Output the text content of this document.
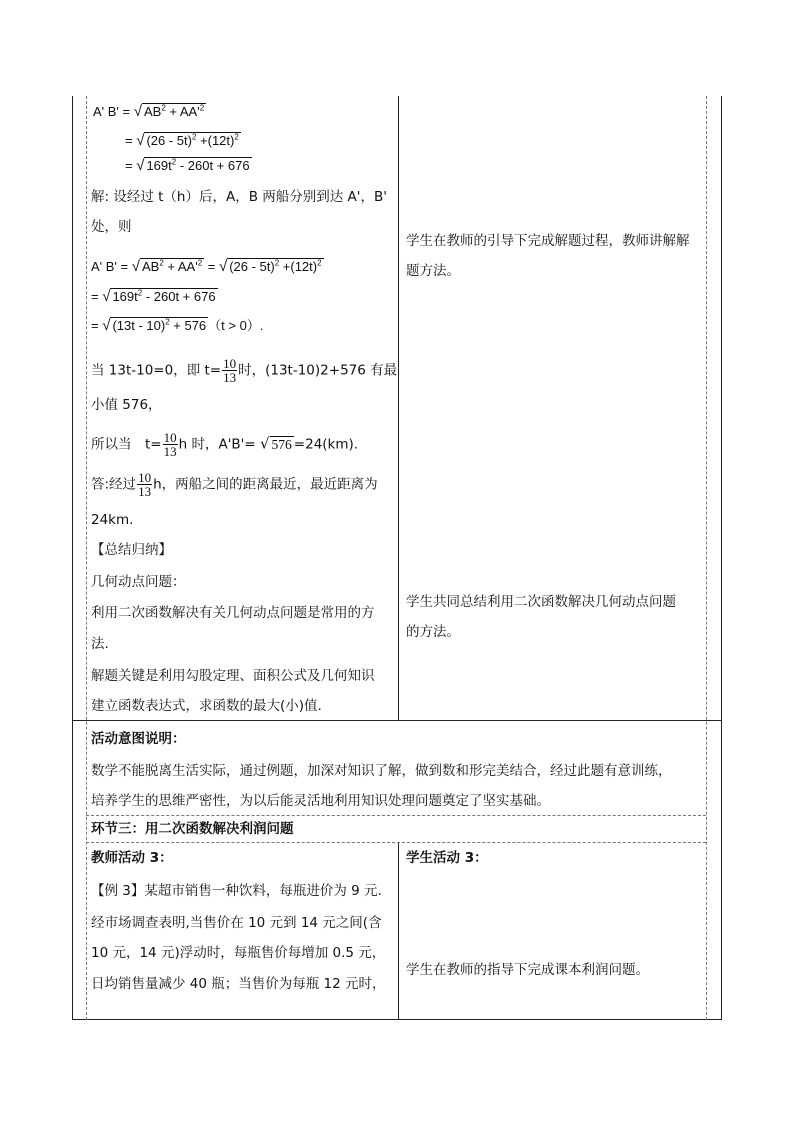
A' B' = √ $AB^2 + AA'^2$
= √ $(26 - 5t)^2 +(12t)^2$
= √ $169t^2 - 260t + 676$
解: 设经过 t（h）后，A，B 两船分别到达 A'，B'
处，则
A' B' = √ $AB^2 + AA'^2$ = √ $(26 - 5t)^2 +(12t)^2$
= √ $169t^2 - 260t + 676$
= √ (13t - 10)$^2$ + 576 （t > 0）.
当 13t-10=0，即 $t= \frac{10}{13}$ 时，(13t-10)2+576 有最
小值 576，
所以当　$t= \frac{10}{13}$ h 时，A'B'= √ 576 =24(km).
答:经过 $\frac{10}{13}$ h，两船之间的距离最近，最近距离为
24km.
【总结归纳】
几何动点问题：
利用二次函数解决有关几何动点问题是常用的方
法.
解题关键是利用勾股定理、面积公式及几何知识
建立函数表达式，求函数的最大(小)值.
学生在教师的引导下完成解题过程，教师讲解解
题方法。
学生共同总结利用二次函数解决几何动点问题
的方法。
活动意图说明：
数学不能脱离生活实际，通过例题，加深对知识了解，做到数和形完美结合，经过此题有意训练，
培养学生的思维严密性，为以后能灵活地利用知识处理问题奠定了坚实基础。
环节三：用二次函数解决利润问题
教师活动 3：
【例 3】某超市销售一种饮料，每瓶进价为 9 元.
经市场调查表明,当售价在 10 元到 14 元之间(含
10 元，14 元)浮动时，每瓶售价每增加 0.5 元，
日均销售量减少 40 瓶；当售价为每瓶 12 元时，
学生活动 3：
学生在教师的指导下完成课本利润问题。
